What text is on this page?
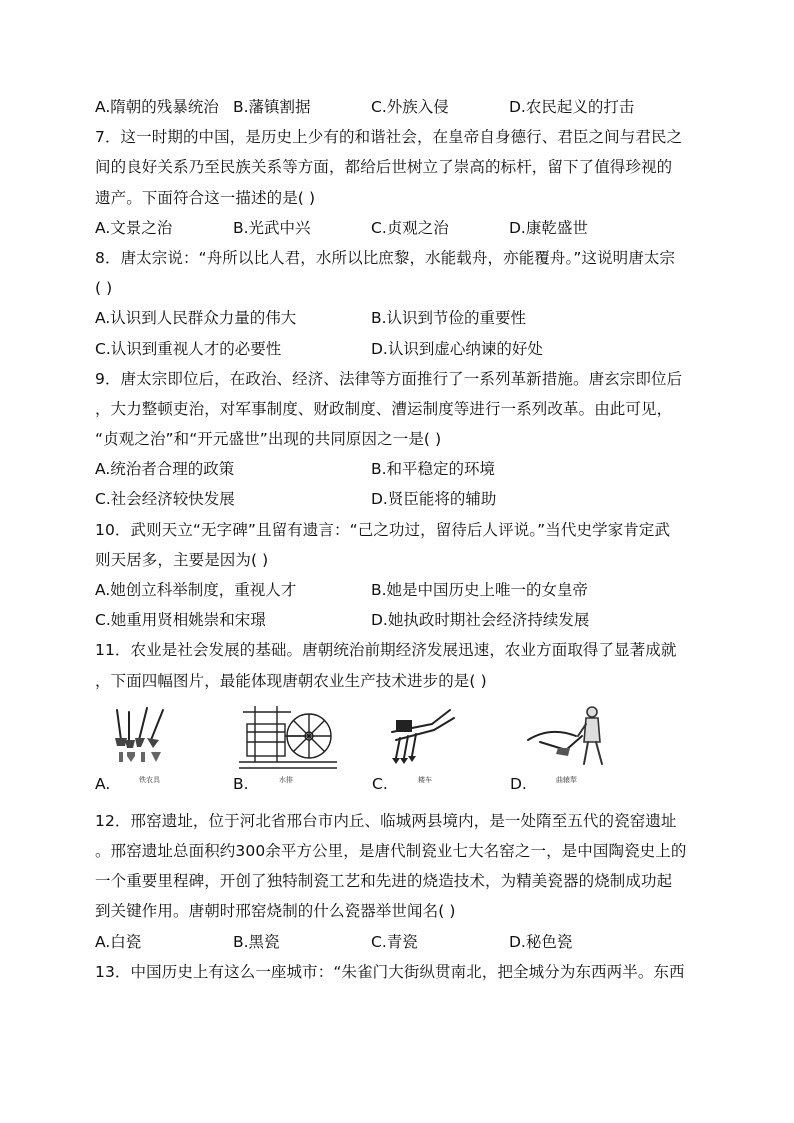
A.隋朝的残暴统治 B.藩镇割据	C.外族入侵	D.农民起义的打击
7．这一时期的中国，是历史上少有的和谐社会，在皇帝自身德行、君臣之间与君民之
间的良好关系乃至民族关系等方面，都给后世树立了崇高的标杆，留下了值得珍视的
遗产。下面符合这一描述的是( )
A.文景之治	B.光武中兴	C.贞观之治	D.康乾盛世
8．唐太宗说：“舟所以比人君，水所以比庶黎，水能载舟，亦能覆舟。”这说明唐太宗
( )
A.认识到人民群众力量的伟大	B.认识到节俭的重要性
C.认识到重视人才的必要性	D.认识到虚心纳谏的好处
9．唐太宗即位后，在政治、经济、法律等方面推行了一系列革新措施。唐玄宗即位后
，大力整顿吏治，对军事制度、财政制度、漕运制度等进行一系列改革。由此可见，
“贞观之治”和“开元盛世”出现的共同原因之一是( )
A.统治者合理的政策	B.和平稳定的环境
C.社会经济较快发展	D.贤臣能将的辅助
10．武则天立“无字碑”且留有遗言：“己之功过，留待后人评说。”当代史学家肯定武
则天居多，主要是因为( )
A.她创立科举制度，重视人才	B.她是中国历史上唯一的女皇帝
C.她重用贤相姚崇和宋璟	D.她执政时期社会经济持续发展
11．农业是社会发展的基础。唐朝统治前期经济发展迅速，农业方面取得了显著成就
，下面四幅图片，最能体现唐朝农业生产技术进步的是( )
A.	铁农具	B.	水排	C.	耧车	D.	曲辕犁
12．邢窑遗址，位于河北省邢台市内丘、临城两县境内，是一处隋至五代的瓷窑遗址
。邢窑遗址总面积约300余平方公里，是唐代制瓷业七大名窑之一，是中国陶瓷史上的
一个重要里程碑，开创了独特制瓷工艺和先进的烧造技术，为精美瓷器的烧制成功起
到关键作用。唐朝时邢窑烧制的什么瓷器举世闻名( )
A.白瓷	B.黑瓷	C.青瓷	D.秘色瓷
13．中国历史上有这么一座城市：“朱雀门大街纵贯南北，把全城分为东西两半。东西
